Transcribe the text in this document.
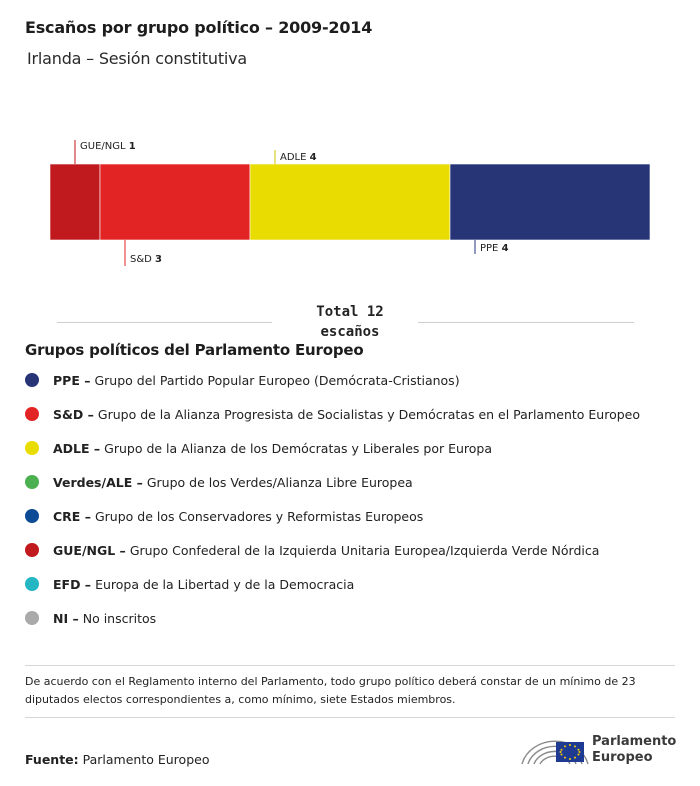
Escaños por grupo político – 2009-2014
Irlanda – Sesión constitutiva
GUE/NGL 1
S&D 3
ADLE 4
PPE 4
Total 12
escaños
Grupos políticos del Parlamento Europeo
PPE – Grupo del Partido Popular Europeo (Demócrata-Cristianos)
S&D – Grupo de la Alianza Progresista de Socialistas y Demócratas en el Parlamento Europeo
ADLE – Grupo de la Alianza de los Demócratas y Liberales por Europa
Verdes/ALE – Grupo de los Verdes/Alianza Libre Europea
CRE – Grupo de los Conservadores y Reformistas Europeos
GUE/NGL – Grupo Confederal de la Izquierda Unitaria Europea/Izquierda Verde Nórdica
EFD – Europa de la Libertad y de la Democracia
NI – No inscritos
De acuerdo con el Reglamento interno del Parlamento, todo grupo político deberá constar de un mínimo de 23 diputados electos correspondientes a, como mínimo, siete Estados miembros.
Fuente: Parlamento Europeo
Parlamento
Europeo
